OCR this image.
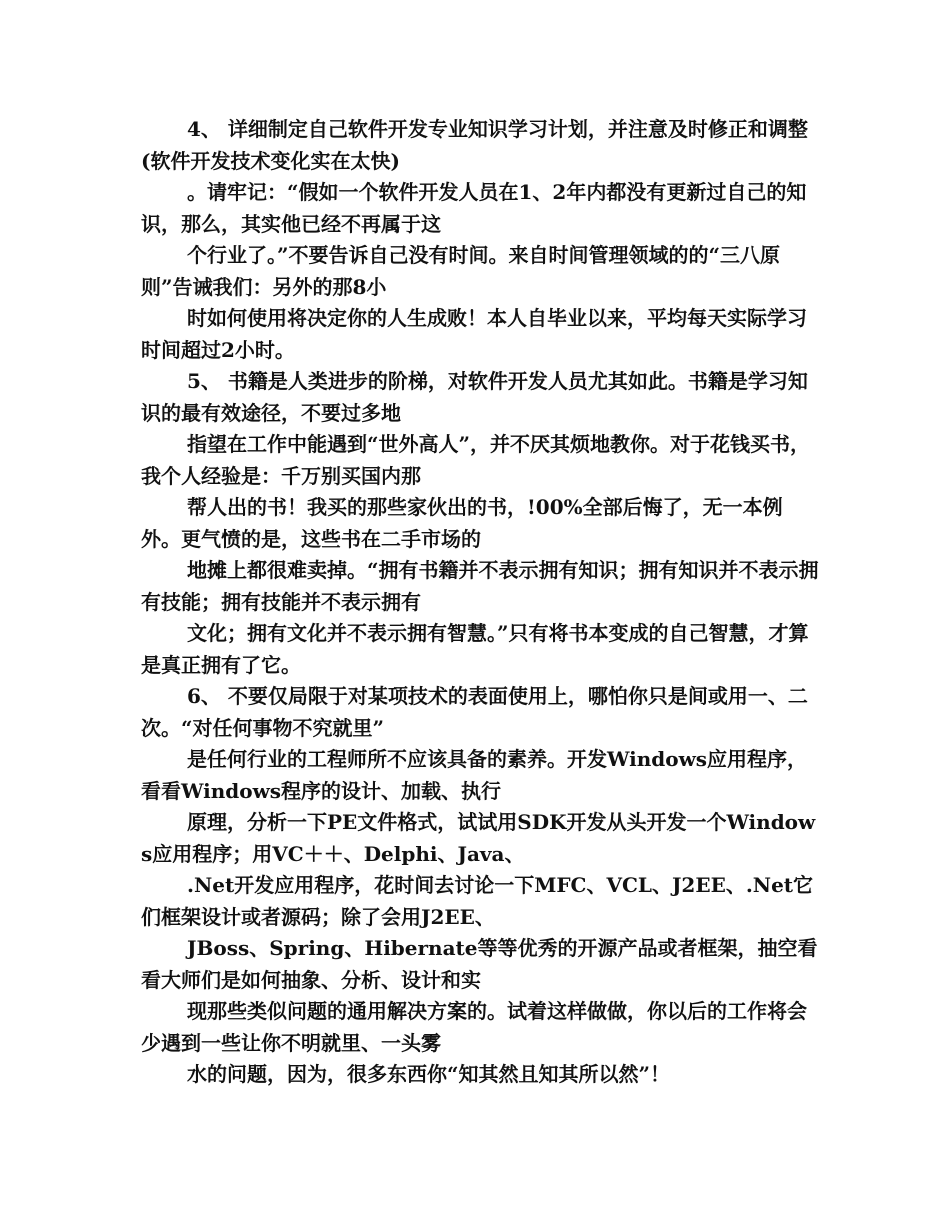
4、 详细制定自己软件开发专业知识学习计划，并注意及时修正和调整(软件开发技术变化实在太快)

。请牢记：“假如一个软件开发人员在1、2年内都没有更新过自己的知识，那么，其实他已经不再属于这

个行业了。”不要告诉自己没有时间。来自时间管理领域的的“三八原则”告诫我们：另外的那8小

时如何使用将决定你的人生成败！本人自毕业以来，平均每天实际学习时间超过2小时。

5、 书籍是人类进步的阶梯，对软件开发人员尤其如此。书籍是学习知识的最有效途径，不要过多地

指望在工作中能遇到“世外高人”，并不厌其烦地教你。对于花钱买书，我个人经验是：千万别买国内那

帮人出的书！我买的那些家伙出的书，!00%全部后悔了，无一本例外。更气愤的是，这些书在二手市场的

地摊上都很难卖掉。“拥有书籍并不表示拥有知识；拥有知识并不表示拥有技能；拥有技能并不表示拥有

文化；拥有文化并不表示拥有智慧。”只有将书本变成的自己智慧，才算是真正拥有了它。

6、 不要仅局限于对某项技术的表面使用上，哪怕你只是间或用一、二次。“对任何事物不究就里”

是任何行业的工程师所不应该具备的素养。开发Windows应用程序，看看Windows程序的设计、加载、执行

原理，分析一下PE文件格式，试试用SDK开发从头开发一个Windows应用程序；用VC＋＋、Delphi、Java、

.Net开发应用程序，花时间去讨论一下MFC、VCL、J2EE、.Net它们框架设计或者源码；除了会用J2EE、

JBoss、Spring、Hibernate等等优秀的开源产品或者框架，抽空看看大师们是如何抽象、分析、设计和实

现那些类似问题的通用解决方案的。试着这样做做，你以后的工作将会少遇到一些让你不明就里、一头雾

水的问题，因为，很多东西你“知其然且知其所以然”！
